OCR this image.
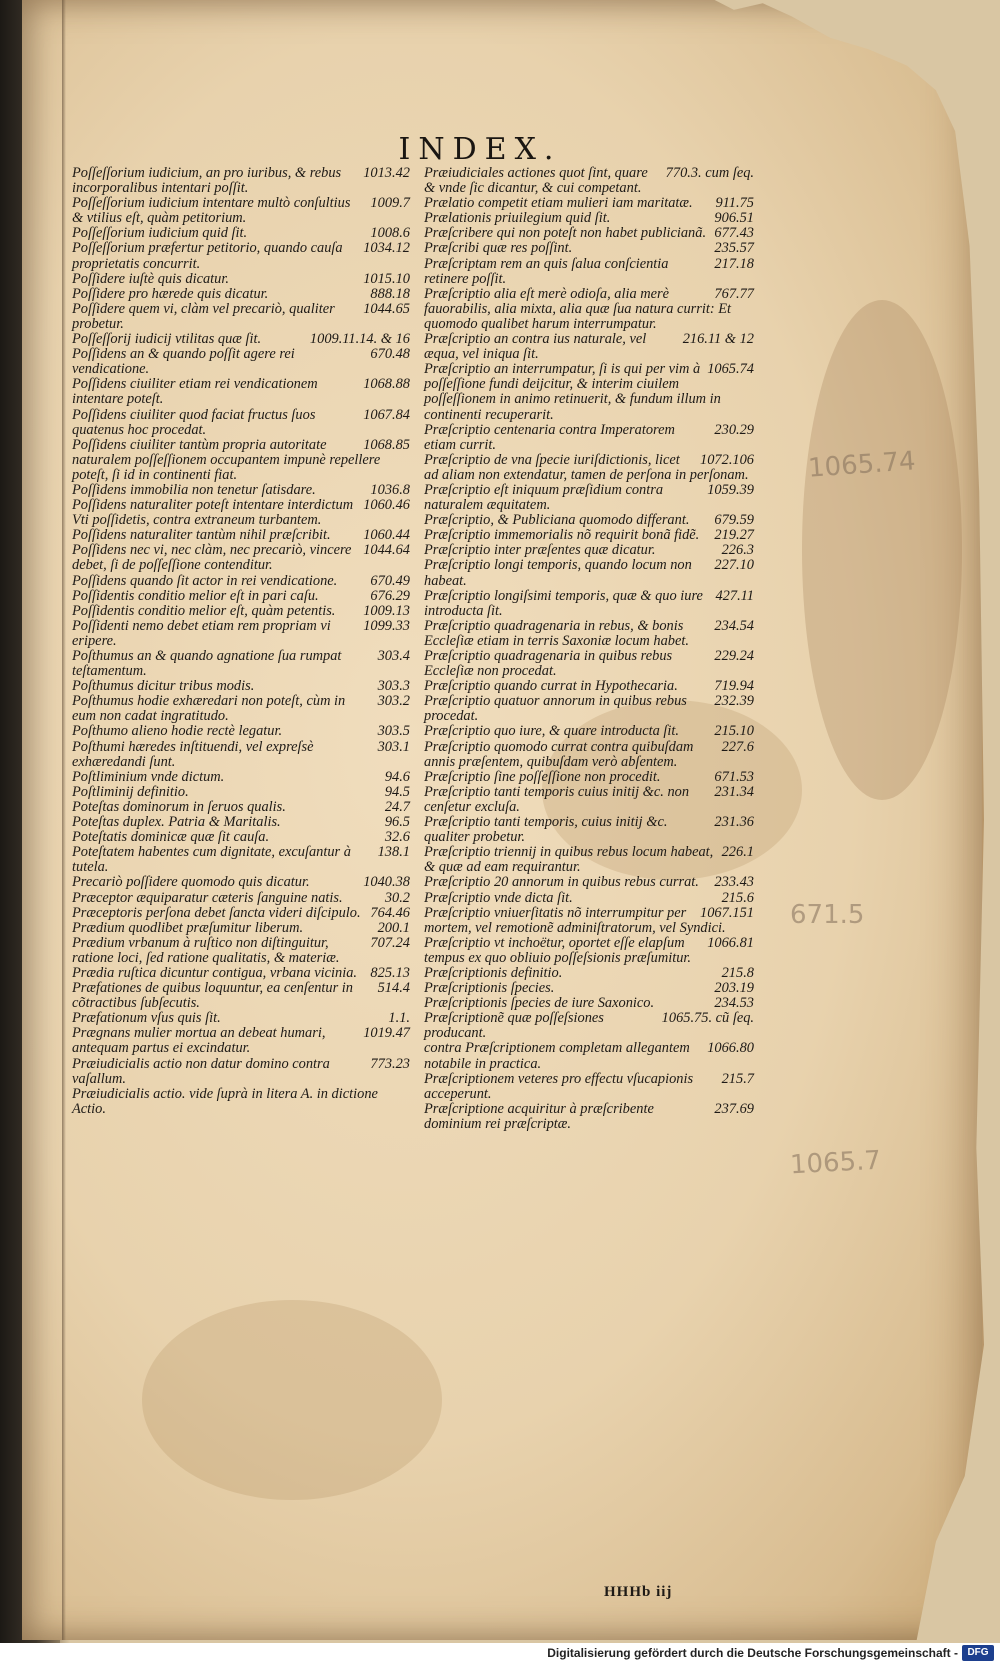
INDEX.
1013.42
Poſſeſſorium iudicium, an pro iuribus, & rebus incorporalibus intentari poſſit.
1009.7
Poſſeſſorium iudicium intentare multò conſultius & vtilius eſt, quàm petitorium.
1008.6
Poſſeſſorium iudicium quid ſit.
1034.12
Poſſeſſorium præfertur petitorio, quando cauſa proprietatis concurrit.
1015.10
Poſſidere iuſtè quis dicatur.
888.18
Poſſidere pro hærede quis dicatur.
1044.65
Poſſidere quem vi, clàm vel precariò, qualiter probetur.
1009.11.14. & 16
Poſſeſſorij iudicij vtilitas quæ ſit.
670.48
Poſſidens an & quando poſſit agere rei vendicatione.
1068.88
Poſſidens ciuiliter etiam rei vendicationem intentare poteſt.
1067.84
Poſſidens ciuiliter quod faciat fructus ſuos quatenus hoc procedat.
1068.85
Poſſidens ciuiliter tantùm propria autoritate naturalem poſſeſſionem occupantem impunè repellere poteſt, ſi id in continenti fiat.
1036.8
Poſſidens immobilia non tenetur ſatisdare.
1060.46
Poſſidens naturaliter poteſt intentare interdictum Vti poſſidetis, contra extraneum turbantem.
1060.44
Poſſidens naturaliter tantùm nihil præſcribit.
1044.64
Poſſidens nec vi, nec clàm, nec precariò, vincere debet, ſi de poſſeſſione contenditur.
670.49
Poſſidens quando ſit actor in rei vendicatione.
676.29
Poſſidentis conditio melior eſt in pari caſu.
1009.13
Poſſidentis conditio melior eſt, quàm petentis.
1099.33
Poſſidenti nemo debet etiam rem propriam vi eripere.
303.4
Poſthumus an & quando agnatione ſua rumpat teſtamentum.
303.3
Poſthumus dicitur tribus modis.
303.2
Poſthumus hodie exhæredari non poteſt, cùm in eum non cadat ingratitudo.
303.5
Poſthumo alieno hodie rectè legatur.
303.1
Poſthumi hæredes inſtituendi, vel expreſsè exhæredandi ſunt.
94.6
Poſtliminium vnde dictum.
94.5
Poſtliminij definitio.
24.7
Poteſtas dominorum in ſeruos qualis.
96.5
Poteſtas duplex. Patria & Maritalis.
32.6
Poteſtatis dominicæ quæ ſit cauſa.
138.1
Poteſtatem habentes cum dignitate, excuſantur à tutela.
1040.38
Precariò poſſidere quomodo quis dicatur.
30.2
Præceptor æquiparatur cæteris ſanguine natis.
764.46
Præceptoris perſona debet ſancta videri diſcipulo.
200.1
Prædium quodlibet præſumitur liberum.
707.24
Prædium vrbanum à ruſtico non diſtinguitur, ratione loci, ſed ratione qualitatis, & materiæ.
825.13
Prædia ruſtica dicuntur contigua, vrbana vicinia.
514.4
Præfationes de quibus loquuntur, ea cenſentur in cõtractibus ſubſecutis.
1.1.
Præfationum vſus quis ſit.
1019.47
Prægnans mulier mortua an debeat humari, antequam partus ei excindatur.
773.23
Præiudicialis actio non datur domino contra vaſallum.
Præiudicialis actio. vide ſuprà in litera A. in dictione Actio.
770.3. cum ſeq.
Præiudiciales actiones quot ſint, quare & vnde ſic dicantur, & cui competant.
911.75
Prælatio competit etiam mulieri iam maritatæ.
906.51
Prælationis priuilegium quid ſit.
677.43
Præſcribere qui non poteſt non habet publicianã.
235.57
Præſcribi quæ res poſſint.
217.18
Præſcriptam rem an quis ſalua conſcientia retinere poſſit.
767.77
Præſcriptio alia eſt merè odioſa, alia merè fauorabilis, alia mixta, alia quæ ſua natura currit: Et quomodo qualibet harum interrumpatur.
216.11 & 12
Præſcriptio an contra ius naturale, vel æqua, vel iniqua ſit.
1065.74
Præſcriptio an interrumpatur, ſi is qui per vim à poſſeſſione fundi deijcitur, & interim ciuilem poſſeſſionem in animo retinuerit, & fundum illum in continenti recuperarit.
230.29
Præſcriptio centenaria contra Imperatorem etiam currit.
1072.106
Præſcriptio de vna ſpecie iuriſdictionis, licet ad aliam non extendatur, tamen de perſona in perſonam.
1059.39
Præſcriptio eſt iniquum præſidium contra naturalem æquitatem.
679.59
Præſcriptio, & Publiciana quomodo differant.
219.27
Præſcriptio immemorialis nõ requirit bonã fidẽ.
226.3
Præſcriptio inter præſentes quæ dicatur.
227.10
Præſcriptio longi temporis, quando locum non habeat.
427.11
Præſcriptio longiſsimi temporis, quæ & quo iure introducta ſit.
234.54
Præſcriptio quadragenaria in rebus, & bonis Eccleſiæ etiam in terris Saxoniæ locum habet.
229.24
Præſcriptio quadragenaria in quibus rebus Eccleſiæ non procedat.
719.94
Præſcriptio quando currat in Hypothecaria.
232.39
Præſcriptio quatuor annorum in quibus rebus procedat.
215.10
Præſcriptio quo iure, & quare introducta ſit.
227.6
Præſcriptio quomodo currat contra quibuſdam annis præſentem, quibuſdam verò abſentem.
671.53
Præſcriptio ſine poſſeſſione non procedit.
231.34
Præſcriptio tanti temporis cuius initij &c. non cenſetur excluſa.
231.36
Præſcriptio tanti temporis, cuius initij &c. qualiter probetur.
226.1
Præſcriptio triennij in quibus rebus locum habeat, & quæ ad eam requirantur.
233.43
Præſcriptio 20 annorum in quibus rebus currat.
215.6
Præſcriptio vnde dicta ſit.
1067.151
Præſcriptio vniuerſitatis nõ interrumpitur per mortem, vel remotionẽ adminiſtratorum, vel Syndici.
1066.81
Præſcriptio vt inchoëtur, oportet eſſe elapſum tempus ex quo obliuio poſſeſsionis præſumitur.
215.8
Præſcriptionis definitio.
203.19
Præſcriptionis ſpecies.
234.53
Præſcriptionis ſpecies de iure Saxonico.
1065.75. cũ ſeq.
Præſcriptionẽ quæ poſſeſsiones producant.
1066.80
contra Præſcriptionem completam allegantem notabile in practica.
215.7
Præſcriptionem veteres pro effectu vſucapionis acceperunt.
237.69
Præſcriptione acquiritur à præſcribente dominium rei præſcriptæ.
1065.74
671.5
1065.7
HHHb iij
Digitalisierung gefördert durch die Deutsche Forschungsgemeinschaft - DFG
